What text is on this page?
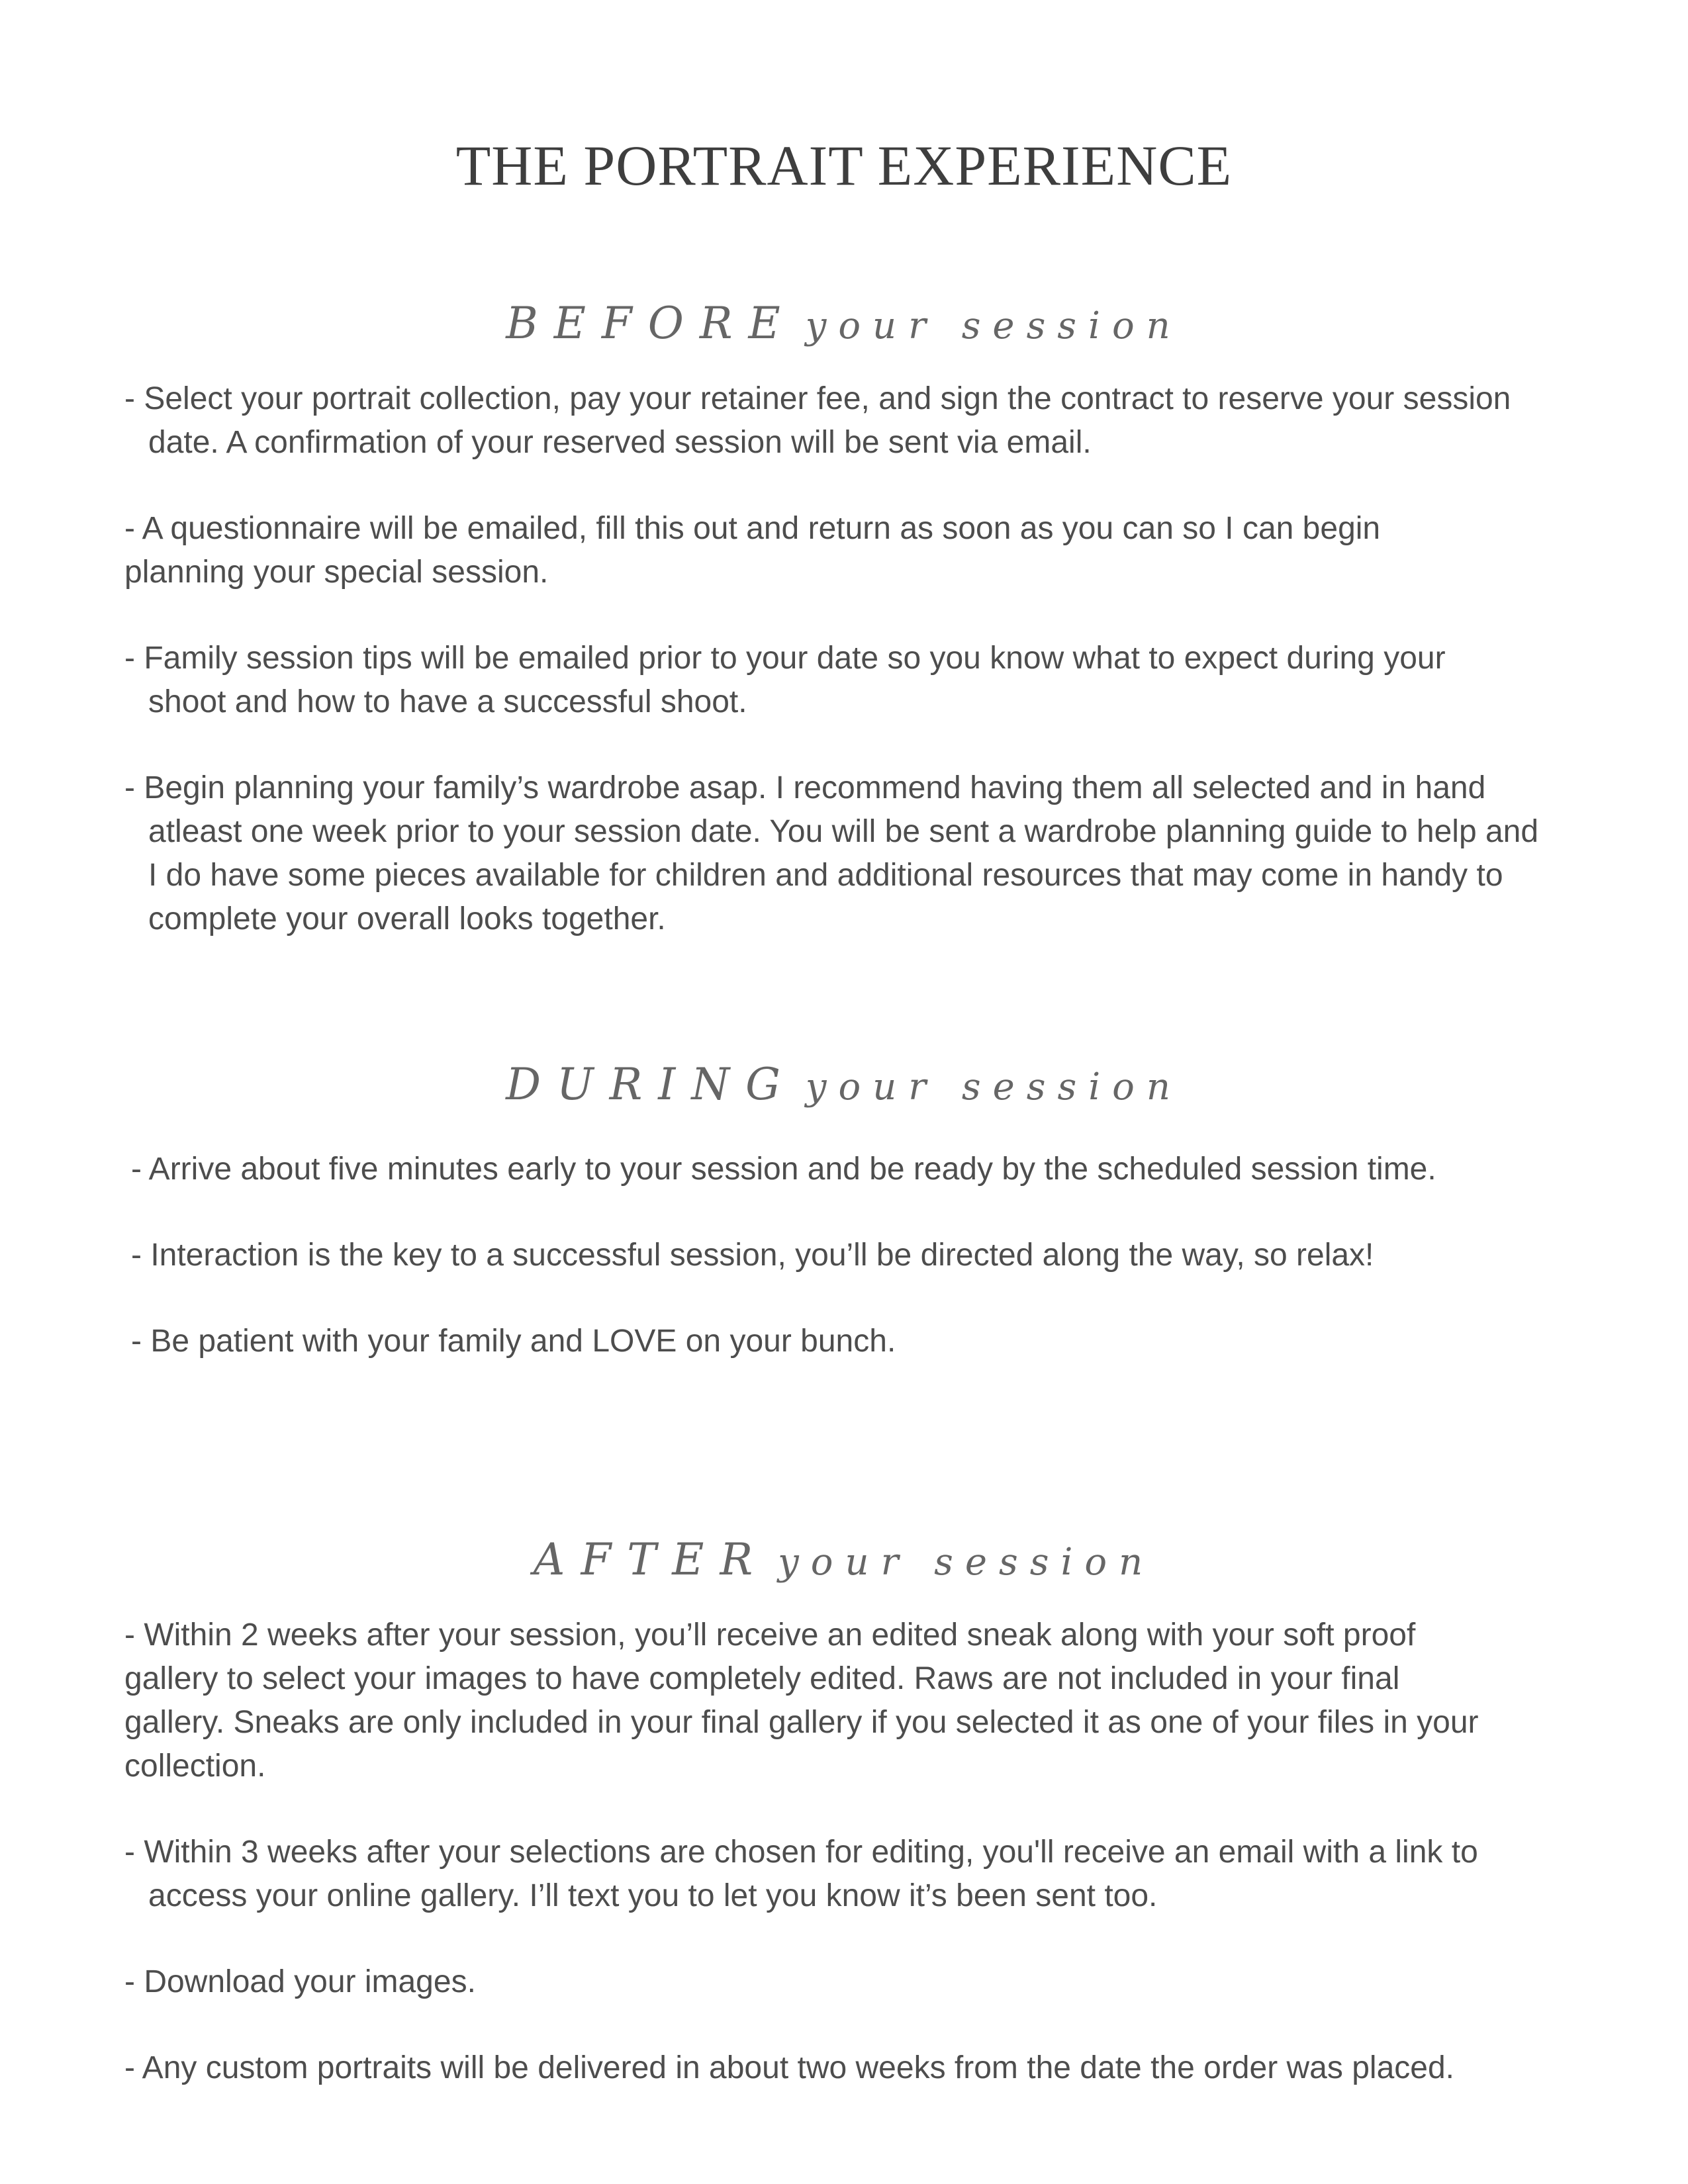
THE PORTRAIT EXPERIENCE
BEFORE your session
- Select your portrait collection, pay your retainer fee, and sign the contract to reserve your session
date. A confirmation of your reserved session will be sent via email.
- A questionnaire will be emailed, fill this out and return as soon as you can so I can begin
planning your special session.
- Family session tips will be emailed prior to your date so you know what to expect during your
shoot and how to have a successful shoot.
- Begin planning your family’s wardrobe asap. I recommend having them all selected and in hand
atleast one week prior to your session date. You will be sent a wardrobe planning guide to help and
I do have some pieces available for children and additional resources that may come in handy to
complete your overall looks together.
DURING your session
- Arrive about five minutes early to your session and be ready by the scheduled session time.
- Interaction is the key to a successful session, you’ll be directed along the way, so relax!
- Be patient with your family and LOVE on your bunch.
AFTER your session
- Within 2 weeks after your session, you’ll receive an edited sneak along with your soft proof
gallery to select your images to have completely edited. Raws are not included in your final
gallery. Sneaks are only included in your final gallery if you selected it as one of your files in your
collection.
- Within 3 weeks after your selections are chosen for editing, you'll receive an email with a link to
access your online gallery. I’ll text you to let you know it’s been sent too.
- Download your images.
- Any custom portraits will be delivered in about two weeks from the date the order was placed.
